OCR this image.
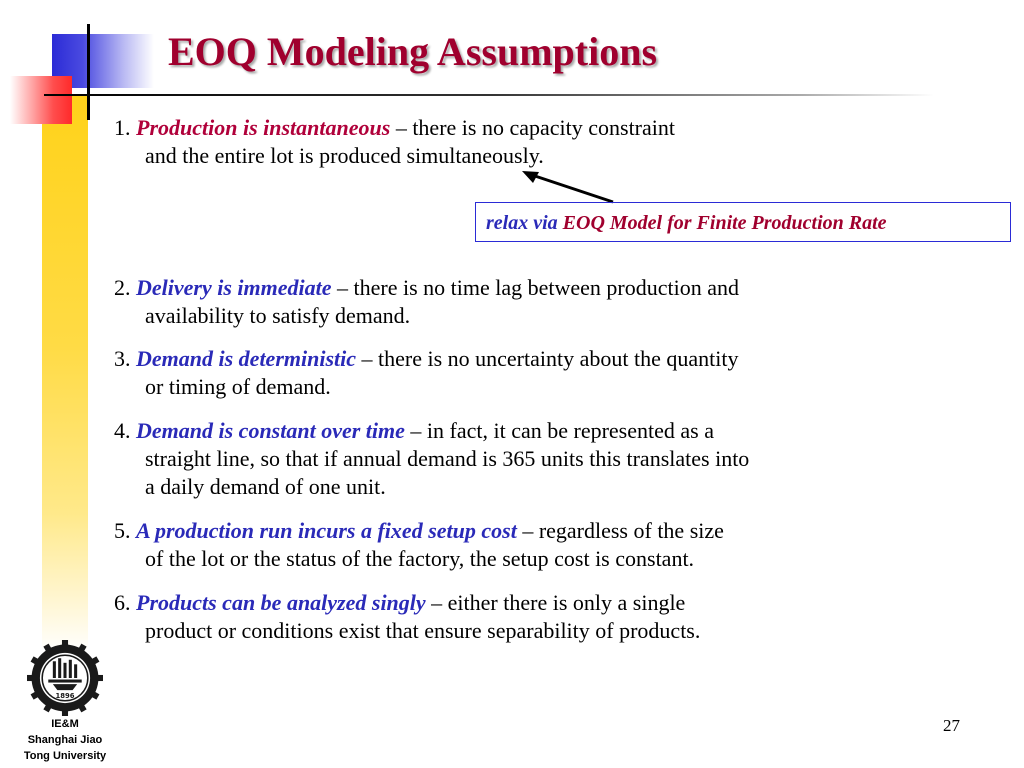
EOQ Modeling Assumptions
1. Production is instantaneous – there is no capacity constraint
and the entire lot is produced simultaneously.
relax via EOQ Model for Finite Production Rate
2. Delivery is immediate – there is no time lag between production and
availability to satisfy demand.
3. Demand is deterministic – there is no uncertainty about the quantity
or timing of demand.
4. Demand is constant over time – in fact, it can be represented as a
straight line, so that if annual demand is 365 units this translates into
a daily demand of one unit.
5. A production run incurs a fixed setup cost – regardless of the size
of the lot or the status of the factory, the setup cost is constant.
6. Products can be analyzed singly – either there is only a single
product or conditions exist that ensure separability of products.
1896
IE&M
Shanghai Jiao
Tong University
27
